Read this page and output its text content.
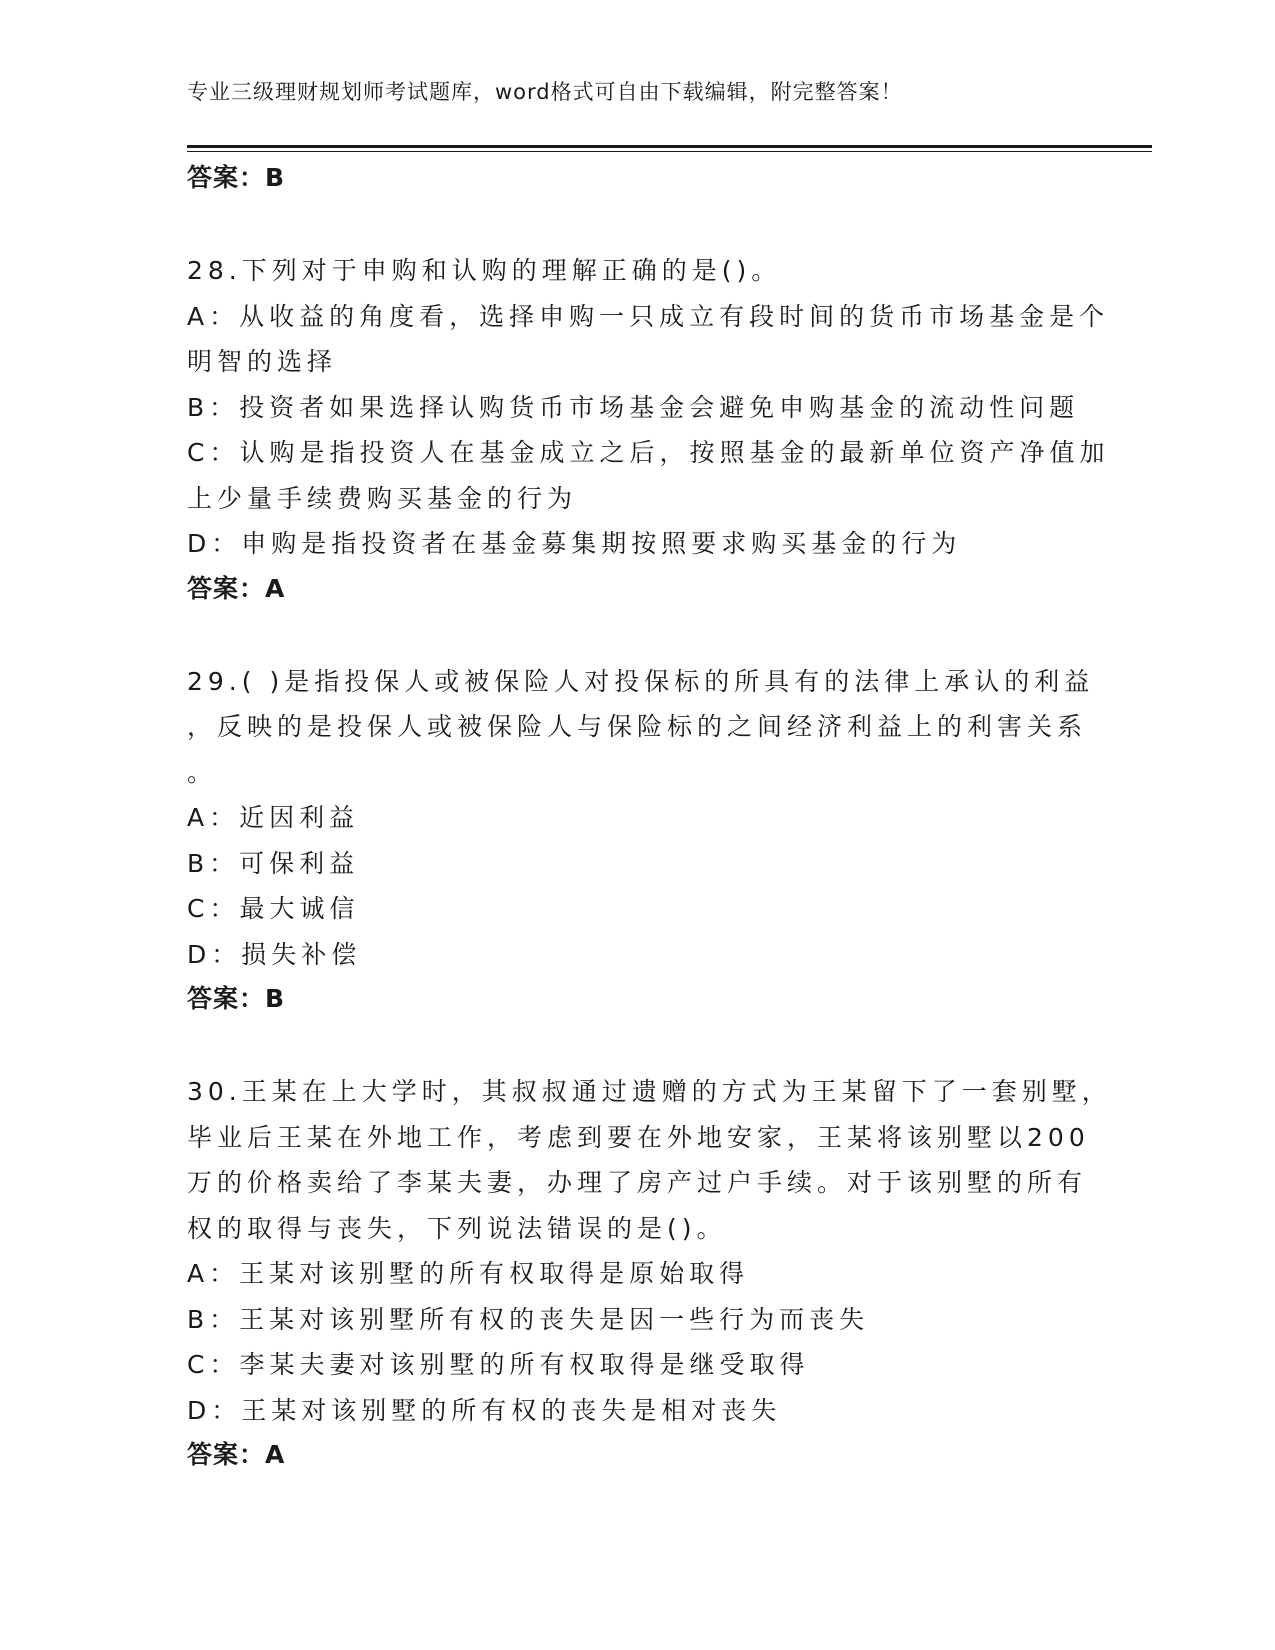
专业三级理财规划师考试题库，word格式可自由下载编辑，附完整答案！
答案：B
28.下列对于申购和认购的理解正确的是()。
A：从收益的角度看，选择申购一只成立有段时间的货币市场基金是个
明智的选择
B：投资者如果选择认购货币市场基金会避免申购基金的流动性问题
C：认购是指投资人在基金成立之后，按照基金的最新单位资产净值加
上少量手续费购买基金的行为
D：申购是指投资者在基金募集期按照要求购买基金的行为
答案：A
29.( )是指投保人或被保险人对投保标的所具有的法律上承认的利益
，反映的是投保人或被保险人与保险标的之间经济利益上的利害关系
。
A：近因利益
B：可保利益
C：最大诚信
D：损失补偿
答案：B
30.王某在上大学时，其叔叔通过遗赠的方式为王某留下了一套别墅，
毕业后王某在外地工作，考虑到要在外地安家，王某将该别墅以200
万的价格卖给了李某夫妻，办理了房产过户手续。对于该别墅的所有
权的取得与丧失，下列说法错误的是()。
A：王某对该别墅的所有权取得是原始取得
B：王某对该别墅所有权的丧失是因一些行为而丧失
C：李某夫妻对该别墅的所有权取得是继受取得
D：王某对该别墅的所有权的丧失是相对丧失
答案：A
